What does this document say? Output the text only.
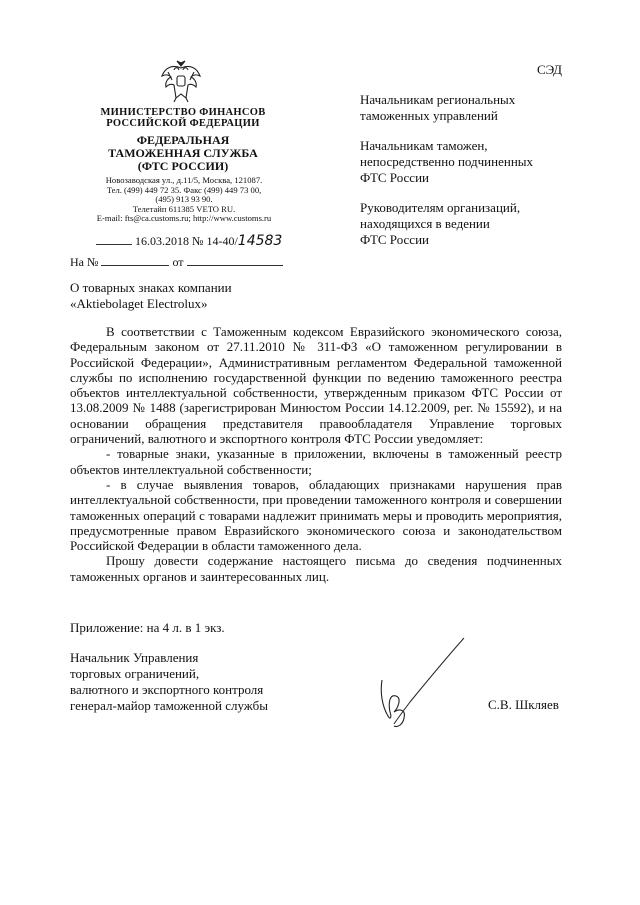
СЭД
МИНИСТЕРСТВО ФИНАНСОВ
РОССИЙСКОЙ ФЕДЕРАЦИИ
ФЕДЕРАЛЬНАЯ
ТАМОЖЕННАЯ СЛУЖБА
(ФТС РОССИИ)
Новозаводская ул., д.11/5, Москва, 121087.
Тел. (499) 449 72 35. Факс (499) 449 73 00,
(495) 913 93 90.
Телетайп 611385 VETO RU.
E-mail: fts@ca.customs.ru; http://www.customs.ru
16.03.2018 № 14-40/14583
На №	от
Начальникам региональных
таможенных управлений
Начальникам таможен,
непосредственно подчиненных
ФТС России
Руководителям организаций,
находящихся в ведении
ФТС России
О товарных знаках компании
«Aktiebolaget Electrolux»

В соответствии с Таможенным кодексом Евразийского экономического союза, Федеральным законом от 27.11.2010 № 311-ФЗ «О таможенном регулировании в Российской Федерации», Административным регламентом Федеральной таможенной службы по исполнению государственной функции по ведению таможенного реестра объектов интеллектуальной собственности, утвержденным приказом ФТС России от 13.08.2009 № 1488 (зарегистрирован Минюстом России 14.12.2009, рег. № 15592), и на основании обращения представителя правообладателя Управление торговых ограничений, валютного и экспортного контроля ФТС России уведомляет:

- товарные знаки, указанные в приложении, включены в таможенный реестр объектов интеллектуальной собственности;

- в случае выявления товаров, обладающих признаками нарушения прав интеллектуальной собственности, при проведении таможенного контроля и совершении таможенных операций с товарами надлежит принимать меры и проводить мероприятия, предусмотренные правом Евразийского экономического союза и законодательством Российской Федерации в области таможенного дела.

Прошу довести содержание настоящего письма до сведения подчиненных таможенных органов и заинтересованных лиц.

Приложение: на 4 л. в 1 экз.
Начальник Управления
торговых ограничений,
валютного и экспортного контроля
генерал-майор таможенной службы	С.В. Шкляев
